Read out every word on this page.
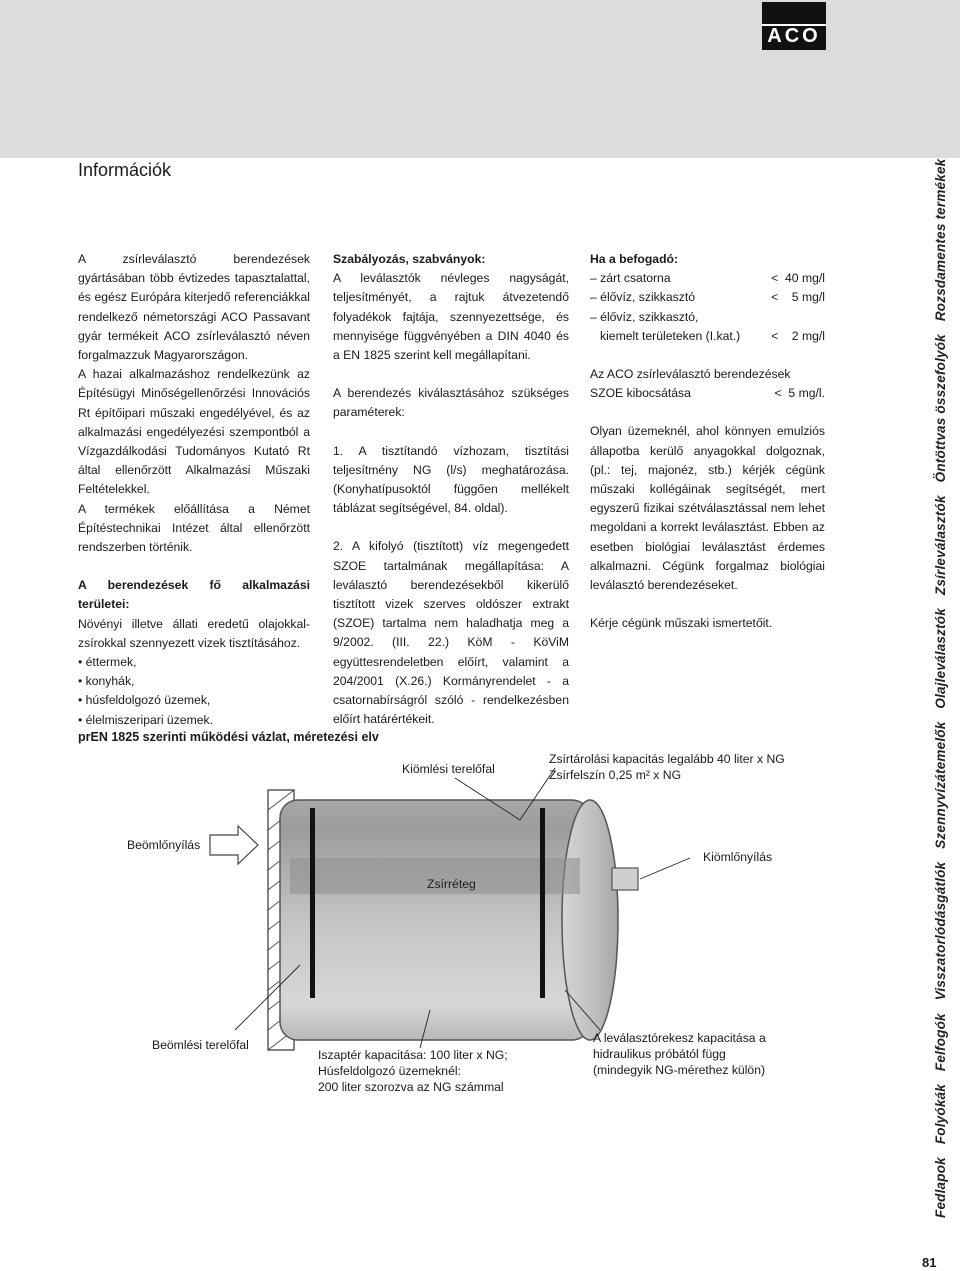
ACO
Információk

A zsírleválasztó berendezések gyártásában több évtizedes tapasztalattal, és egész Európára kiterjedő referenciákkal rendelkező németországi ACO Passavant gyár termékeit ACO zsírleválasztó néven forgalmazzuk Magyarországon.

A hazai alkalmazáshoz rendelkezünk az Építésügyi Minőségellenőrzési Innovációs Rt építőipari műszaki engedélyével, és az alkalmazási engedélyezési szempontból a Vízgazdálkodási Tudományos Kutató Rt által ellenőrzött Alkalmazási Műszaki Feltételekkel.

A termékek előállítása a Német Építéstechnikai Intézet által ellenőrzött rendszerben történik.

A berendezések fő alkalmazási területei:

Növényi illetve állati eredetű olajokkal-zsírokkal szennyezett vizek tisztításához.

• éttermek,
• konyhák,
• húsfeldolgozó üzemek,
• élelmiszeripari üzemek.

Szabályozás, szabványok:

A leválasztók névleges nagyságát, teljesítményét, a rajtuk átvezetendő folyadékok fajtája, szennyezettsége, és mennyisége függvényében a DIN 4040 és a EN 1825 szerint kell megállapítani.

A berendezés kiválasztásához szükséges paraméterek:

1. A tisztítandó vízhozam, tisztítási teljesítmény NG (l/s) meghatározása. (Konyhatípusoktól függően mellékelt táblázat segítségével, 84. oldal).

2. A kifolyó (tisztított) víz megengedett SZOE tartalmának megállapítása: A leválasztó berendezésekből kikerülő tisztított vizek szerves oldószer extrakt (SZOE) tartalma nem haladhatja meg a 9/2002. (III. 22.) KöM - KöViM együttesrendeletben előírt, valamint a 204/2001 (X.26.) Kormányrendelet - a csatornabírságról szóló - rendelkezésben előírt határértékeit.

Ha a befogadó:

– zárt csatorna	<  40 mg/l
– élővíz, szikkasztó	<    5 mg/l
– élővíz, szikkasztó,
kiemelt területeken (I.kat.)	<    2 mg/l

Az ACO zsírleválasztó berendezések

SZOE kibocsátása	<  5 mg/l.

Olyan üzemeknél, ahol könnyen emulziós állapotba kerülő anyagokkal dolgoznak, (pl.: tej, majonéz, stb.) kérjék cégünk műszaki kollégáinak segítségét, mert egyszerű fizikai szétválasztással nem lehet megoldani a korrekt leválasztást. Ebben az esetben biológiai leválasztást érdemes alkalmazni. Cégünk forgalmaz biológiai leválasztó berendezéseket.

Kérje cégünk műszaki ismertetőit.

prEN 1825 szerinti működési vázlat, méretezési elv
Kiömlési terelőfal
Zsírtárolási kapacitás legalább 40 liter x NG
Zsírfelszín 0,25 m² x NG
Beömlőnyílás
Kiömlőnyílás
Zsírréteg
Beömlési terelőfal
Iszaptér kapacitása: 100 liter x NG;
Húsfeldolgozó üzemeknél:
200 liter szorozva az NG számmal
A leválasztórekesz kapacitása a
hidraulikus próbától függ
(mindegyik NG-mérethez külön)
Fedlapok Folyókák Felfogók Visszatorlódásgátlók Szennyvízátemelők Olajleválasztók Zsírleválasztók Öntöttvas összefolyók Rozsdamentes termékek
81
